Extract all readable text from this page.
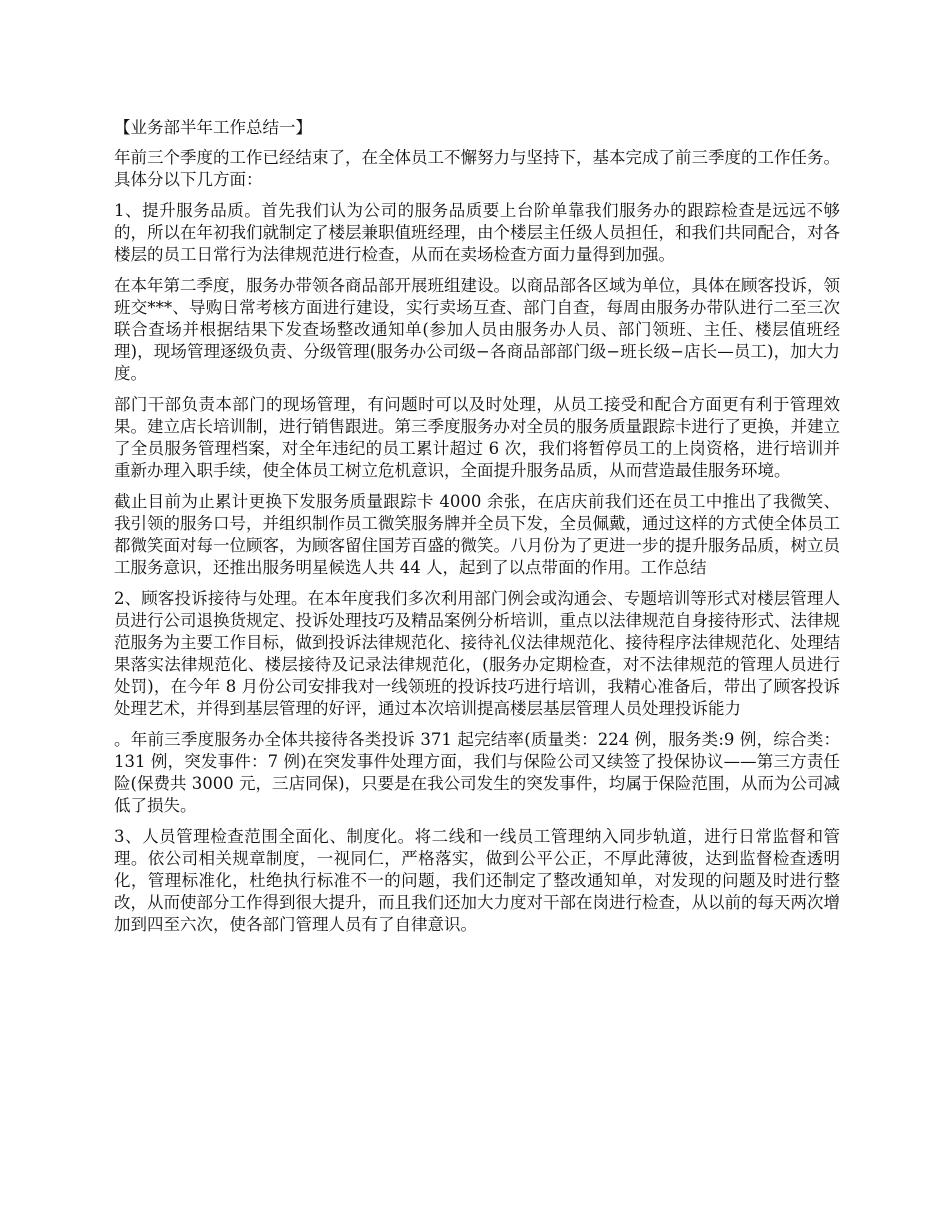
【业务部半年工作总结一】

年前三个季度的工作已经结束了，在全体员工不懈努力与坚持下，基本完成了前三季度的工作任务。具体分以下几方面：

1、提升服务品质。首先我们认为公司的服务品质要上台阶单靠我们服务办的跟踪检查是远远不够的，所以在年初我们就制定了楼层兼职值班经理，由个楼层主任级人员担任，和我们共同配合，对各楼层的员工日常行为法律规范进行检查，从而在卖场检查方面力量得到加强。

在本年第二季度，服务办带领各商品部开展班组建设。以商品部各区域为单位，具体在顾客投诉，领班交***、导购日常考核方面进行建设，实行卖场互查、部门自查，每周由服务办带队进行二至三次联合查场并根据结果下发查场整改通知单(参加人员由服务办人员、部门领班、主任、楼层值班经理)，现场管理逐级负责、分级管理(服务办公司级−各商品部部门级−班长级−店长—员工)，加大力度。

部门干部负责本部门的现场管理，有问题时可以及时处理，从员工接受和配合方面更有利于管理效果。建立店长培训制，进行销售跟进。第三季度服务办对全员的服务质量跟踪卡进行了更换，并建立了全员服务管理档案，对全年违纪的员工累计超过 6 次，我们将暂停员工的上岗资格，进行培训并重新办理入职手续，使全体员工树立危机意识，全面提升服务品质，从而营造最佳服务环境。

截止目前为止累计更换下发服务质量跟踪卡 4000 余张，在店庆前我们还在员工中推出了我微笑、我引领的服务口号，并组织制作员工微笑服务牌并全员下发，全员佩戴，通过这样的方式使全体员工都微笑面对每一位顾客，为顾客留住国芳百盛的微笑。八月份为了更进一步的提升服务品质，树立员工服务意识，还推出服务明星候选人共 44 人，起到了以点带面的作用。工作总结

2、顾客投诉接待与处理。在本年度我们多次利用部门例会或沟通会、专题培训等形式对楼层管理人员进行公司退换货规定、投诉处理技巧及精品案例分析培训，重点以法律规范自身接待形式、法律规范服务为主要工作目标，做到投诉法律规范化、接待礼仪法律规范化、接待程序法律规范化、处理结果落实法律规范化、楼层接待及记录法律规范化，(服务办定期检查，对不法律规范的管理人员进行处罚)，在今年 8 月份公司安排我对一线领班的投诉技巧进行培训，我精心准备后，带出了顾客投诉处理艺术，并得到基层管理的好评，通过本次培训提高楼层基层管理人员处理投诉能力

。年前三季度服务办全体共接待各类投诉 371 起完结率(质量类：224 例，服务类:9 例，综合类：131 例，突发事件：7 例)在突发事件处理方面，我们与保险公司又续签了投保协议——第三方责任险(保费共 3000 元，三店同保)，只要是在我公司发生的突发事件，均属于保险范围，从而为公司减低了损失。

3、人员管理检查范围全面化、制度化。将二线和一线员工管理纳入同步轨道，进行日常监督和管理。依公司相关规章制度，一视同仁，严格落实，做到公平公正，不厚此薄彼，达到监督检查透明化，管理标准化，杜绝执行标准不一的问题，我们还制定了整改通知单，对发现的问题及时进行整改，从而使部分工作得到很大提升，而且我们还加大力度对干部在岗进行检查，从以前的每天两次增加到四至六次，使各部门管理人员有了自律意识。
